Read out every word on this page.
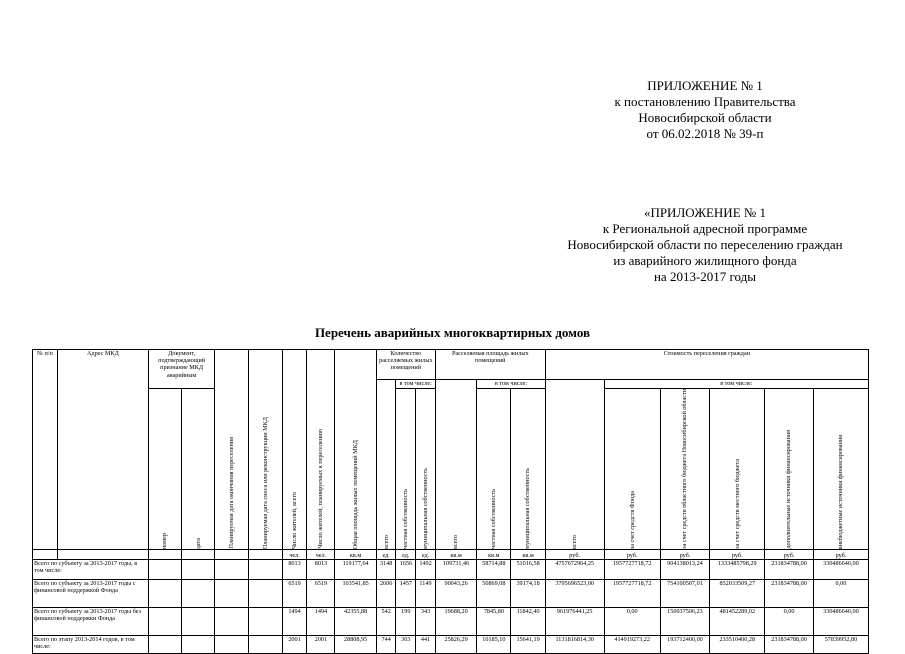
ПРИЛОЖЕНИЕ № 1
к постановлению Правительства
Новосибирской области
от 06.02.2018 № 39-п
«ПРИЛОЖЕНИЕ № 1
к Региональной адресной программе
Новосибирской области по переселению граждан
из аварийного жилищного фонда
на 2013-2017 годы
Перечень аварийных многоквартирных домов
№ п/п	Адрес МКД	Документ, подтверждающий признание МКД аварийным		Планируемая дата окончания переселения	Планируемая дата сноса или реконструкции МКД	Число жителей, всего	Число жителей, планируемых к переселению	Общая площадь жилых помещений МКД	Количество расселяемых жилых помещений			Расселяемая площадь жилых помещений			Стоимость переселения граждан					

									всего	в том числе:		всего	в том числе:		всего	в том числе:				

		номер	дата							частная собственность	муниципальная собственность		частная собственность	муниципальная собственность		за счет средств Фонда	за счет средств областного бюджета Новосибирской области	за счет средств местного бюджета	дополнительные источники финансирования	внебюджетные источники финансирования

						чел.	чел.	кв.м	ед.	ед.	ед.	кв.м	кв.м	кв.м	руб.	руб.	руб.	руб.	руб.	руб.
Всего по субъекту за 2013-2017 годы, в том числе:						8013	8013	119177,64	3148	1656	1492	109731,46	58714,88	51016,58	4757672964,25	1957727718,72	904138013,24	1333485798,29	231834788,00	330486646,00
Всего по субъекту за 2013-2017 годы с финансовой поддержкой Фонда						6519	6519	103541,85	2606	1457	1149	90043,26	50869,08	39174,18	3795696523,00	1957727718,72	754100507,01	852033509,27	231834788,00	0,00
Всего по субъекту за 2013-2017 годы без финансовой поддержки Фонда						1494	1494	42355,88	542	199	343	19688,20	7845,80	11842,40	961976441,25	0,00	150037506,23	481452289,02	0,00	330486646,00
Всего по этапу 2013-2014 годов, в том числе:						2001	2001	28808,95	744	303	441	25826,29	10185,10	15641,19	1131816814,30	414919273,22	193712400,00	233510400,28	231834788,00	57839952,80
